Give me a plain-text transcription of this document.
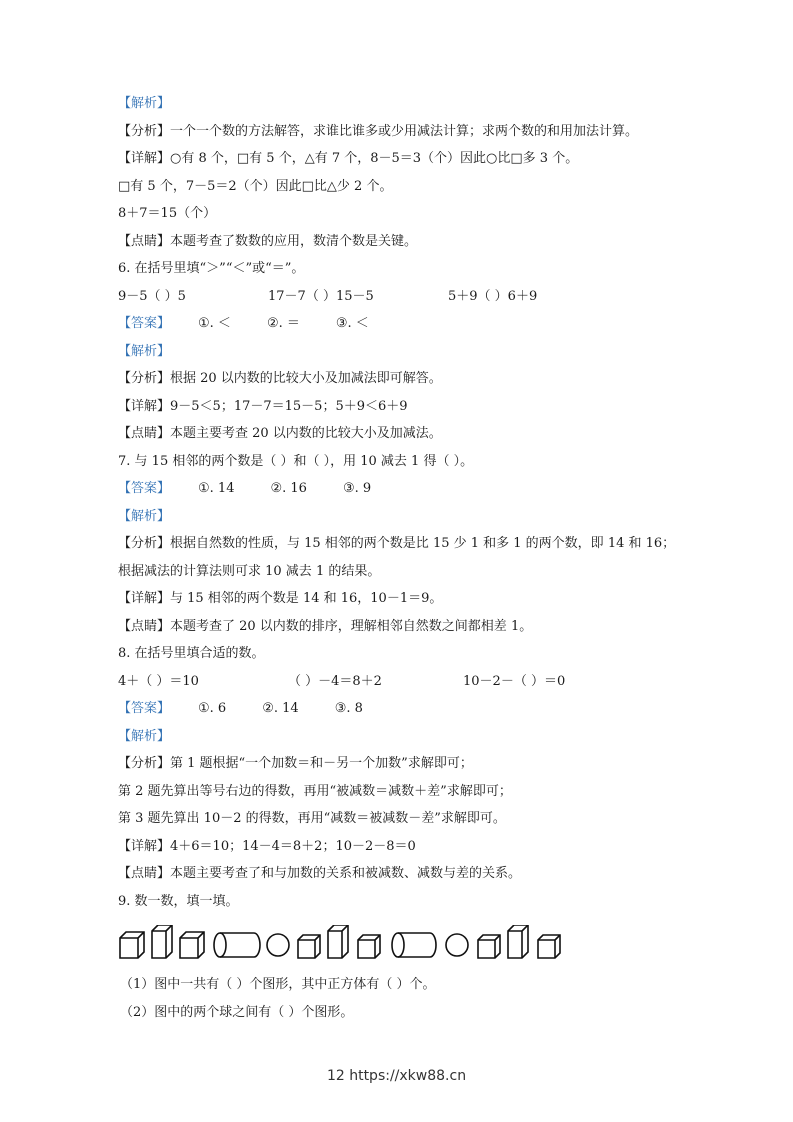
【解析】
【分析】一个一个数的方法解答，求谁比谁多或少用减法计算；求两个数的和用加法计算。
【详解】○有 8 个，□有 5 个，△有 7 个，8－5＝3（个）因此○比□多 3 个。
□有 5 个，7－5＝2（个）因此□比△少 2 个。
8＋7＝15（个）
【点睛】本题考查了数数的应用，数清个数是关键。
6. 在括号里填“＞”“＜”或“＝”。
9－5（ ）5	17－7（ ）15－5	5＋9（ ）6＋9
【答案】 ①. ＜	②. ＝	③. ＜
【解析】
【分析】根据 20 以内数的比较大小及加减法即可解答。
【详解】9－5＜5；17－7＝15－5；5＋9＜6＋9
【点睛】本题主要考查 20 以内数的比较大小及加减法。
7. 与 15 相邻的两个数是（ ）和（ ），用 10 减去 1 得（ ）。
【答案】 ①. 14	②. 16	③. 9
【解析】
【分析】根据自然数的性质，与 15 相邻的两个数是比 15 少 1 和多 1 的两个数，即 14 和 16；
根据减法的计算法则可求 10 减去 1 的结果。
【详解】与 15 相邻的两个数是 14 和 16，10－1＝9。
【点睛】本题考查了 20 以内数的排序，理解相邻自然数之间都相差 1。
8. 在括号里填合适的数。
4＋（ ）＝10	（ ）－4＝8＋2	10－2－（ ）＝0
【答案】 ①. 6	②. 14	③. 8
【解析】
【分析】第 1 题根据“一个加数＝和－另一个加数”求解即可；
第 2 题先算出等号右边的得数，再用“被减数＝减数＋差”求解即可；
第 3 题先算出 10－2 的得数，再用“减数＝被减数－差”求解即可。
【详解】4＋6＝10；14－4＝8＋2；10－2－8＝0
【点睛】本题主要考查了和与加数的关系和被减数、减数与差的关系。
9. 数一数，填一填。
（1）图中一共有（ ）个图形，其中正方体有（ ）个。
（2）图中的两个球之间有（ ）个图形。
12 https://xkw88.cn
